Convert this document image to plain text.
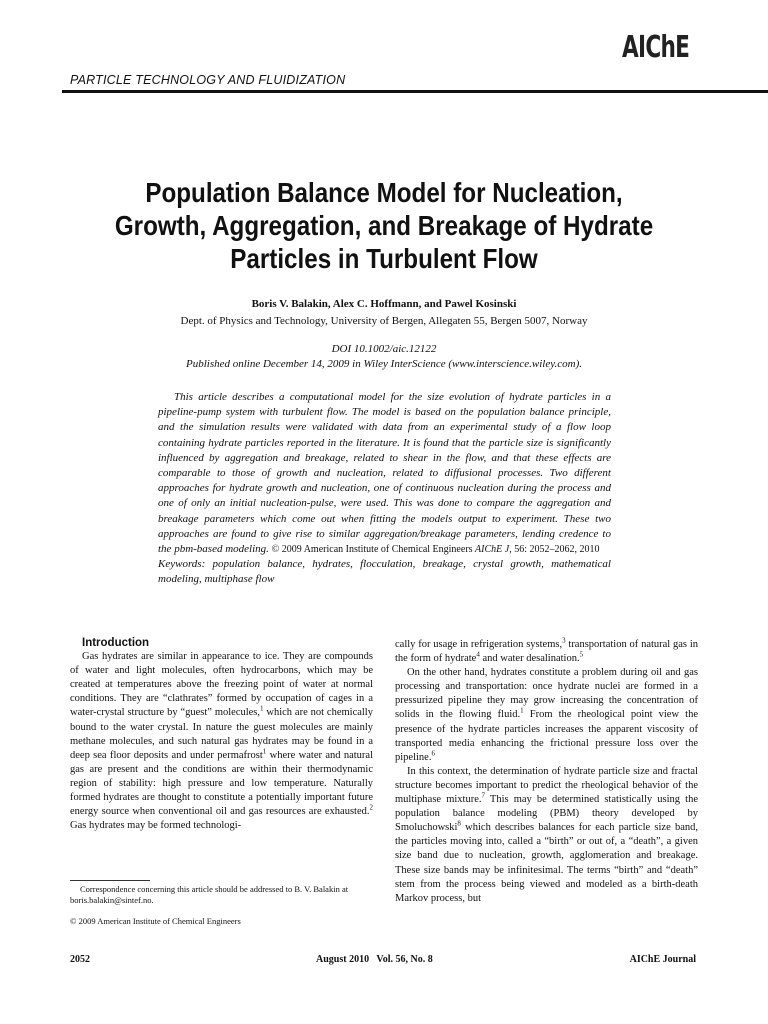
AIChE
PARTICLE TECHNOLOGY AND FLUIDIZATION
Population Balance Model for Nucleation, Growth, Aggregation, and Breakage of Hydrate Particles in Turbulent Flow
Boris V. Balakin, Alex C. Hoffmann, and Pawel Kosinski
Dept. of Physics and Technology, University of Bergen, Allegaten 55, Bergen 5007, Norway
DOI 10.1002/aic.12122
Published online December 14, 2009 in Wiley InterScience (www.interscience.wiley.com).

This article describes a computational model for the size evolution of hydrate particles in a pipeline-pump system with turbulent flow. The model is based on the population balance principle, and the simulation results were validated with data from an experimental study of a flow loop containing hydrate particles reported in the literature. It is found that the particle size is significantly influenced by aggregation and breakage, related to shear in the flow, and that these effects are comparable to those of growth and nucleation, related to diffusional processes. Two different approaches for hydrate growth and nucleation, one of continuous nucleation during the process and one of only an initial nucleation-pulse, were used. This was done to compare the aggregation and breakage parameters which come out when fitting the models output to experiment. These two approaches are found to give rise to similar aggregation/breakage parameters, lending credence to the pbm-based modeling. © 2009 American Institute of Chemical Engineers AIChE J, 56: 2052–2062, 2010

Keywords: population balance, hydrates, flocculation, breakage, crystal growth, mathematical modeling, multiphase flow

Introduction

Gas hydrates are similar in appearance to ice. They are compounds of water and light molecules, often hydrocarbons, which may be created at temperatures above the freezing point of water at normal conditions. They are “clathrates” formed by occupation of cages in a water-crystal structure by “guest” molecules,$^1$ which are not chemically bound to the water crystal. In nature the guest molecules are mainly methane molecules, and such natural gas hydrates may be found in a deep sea floor deposits and under permafrost$^1$ where water and natural gas are present and the conditions are within their thermodynamic region of stability: high pressure and low temperature. Naturally formed hydrates are thought to constitute a potentially important future energy source when conventional oil and gas resources are exhausted.$^2$ Gas hydrates may be formed technologi-

cally for usage in refrigeration systems,$^3$ transportation of natural gas in the form of hydrate$^4$ and water desalination.$^5$

On the other hand, hydrates constitute a problem during oil and gas processing and transportation: once hydrate nuclei are formed in a pressurized pipeline they may grow increasing the concentration of solids in the flowing fluid.$^1$ From the rheological point view the presence of the hydrate particles increases the apparent viscosity of transported media enhancing the frictional pressure loss over the pipeline.$^6$

In this context, the determination of hydrate particle size and fractal structure becomes important to predict the rheological behavior of the multiphase mixture.$^7$ This may be determined statistically using the population balance modeling (PBM) theory developed by Smoluchowski$^8$ which describes balances for each particle size band, the particles moving into, called a “birth” or out of, a “death”, a given size band due to nucleation, growth, agglomeration and breakage. These size bands may be infinitesimal. The terms “birth” and “death” stem from the process being viewed and modeled as a birth-death Markov process, but

Correspondence concerning this article should be addressed to B. V. Balakin at boris.balakin@sintef.no.
© 2009 American Institute of Chemical Engineers
2052	August 2010   Vol. 56, No. 8	AIChE Journal
